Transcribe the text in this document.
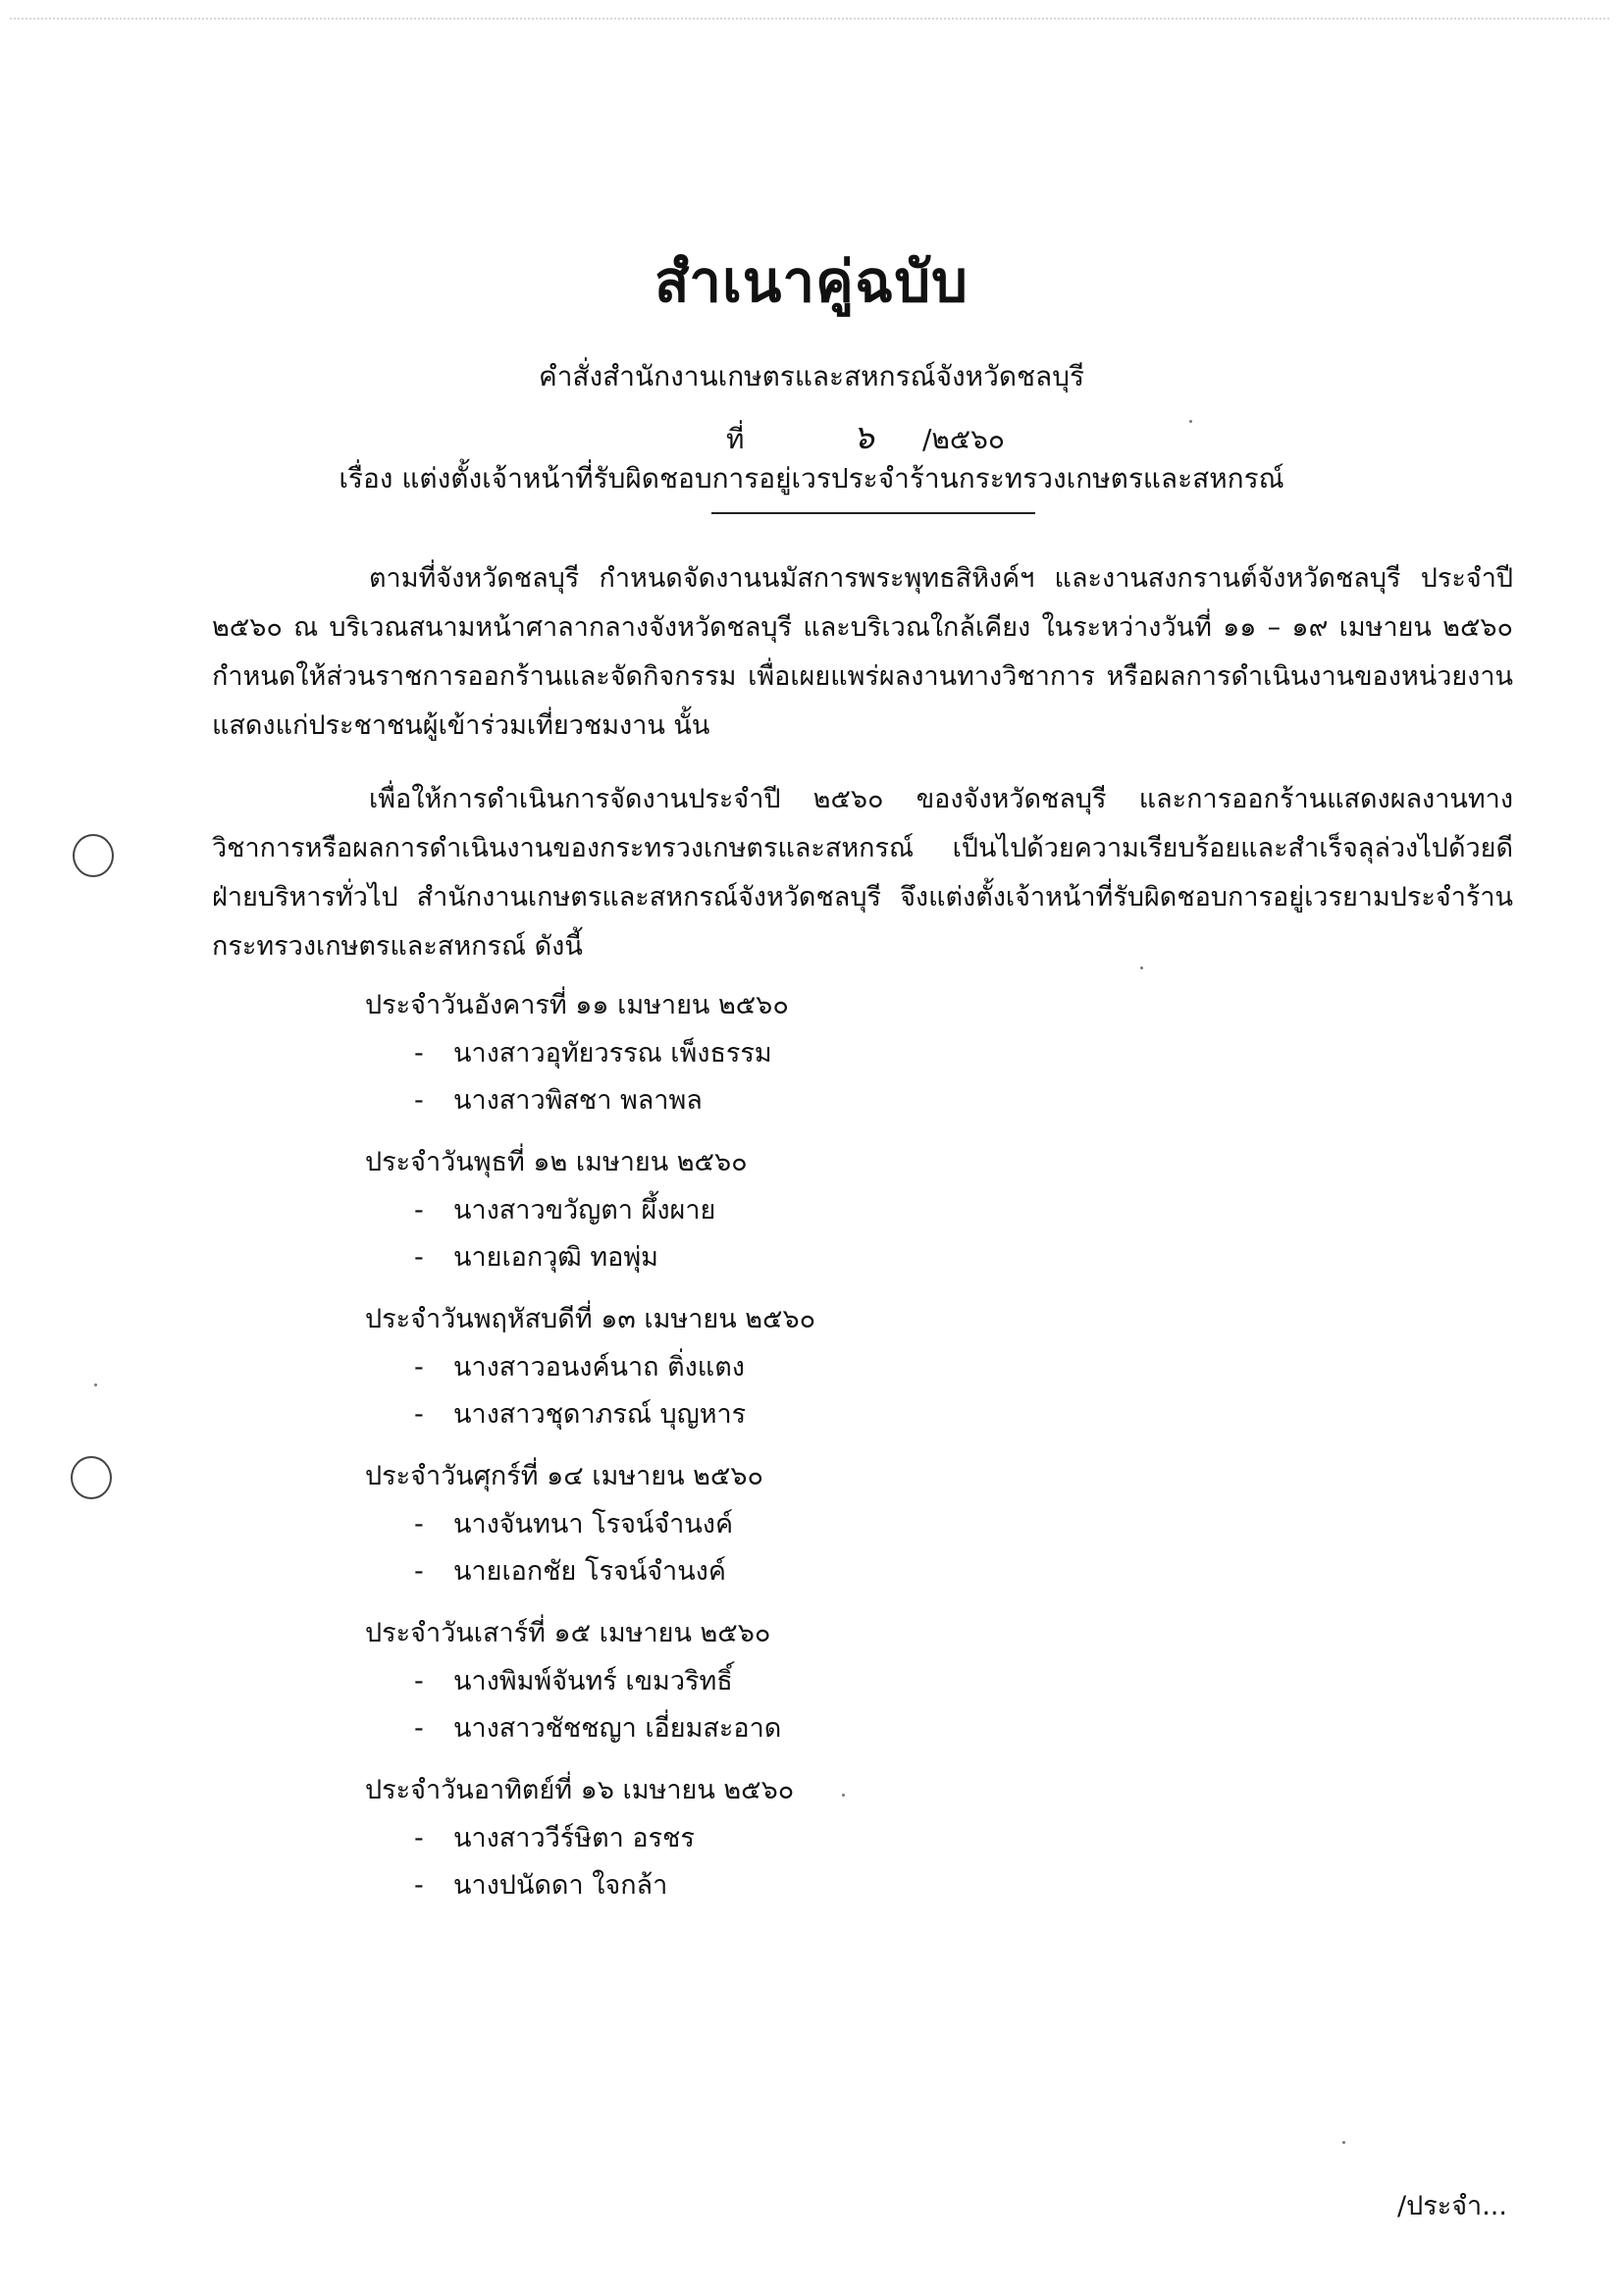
สำเนาคู่ฉบับ
คำสั่งสำนักงานเกษตรและสหกรณ์จังหวัดชลบุรี
ที่	๖ /๒๕๖๐
เรื่อง แต่งตั้งเจ้าหน้าที่รับผิดชอบการอยู่เวรประจำร้านกระทรวงเกษตรและสหกรณ์

ตามที่จังหวัดชลบุรี กำหนดจัดงานนมัสการพระพุทธสิหิงค์ฯ และงานสงกรานต์จังหวัดชลบุรี ประจำปี ๒๕๖๐ ณ บริเวณสนามหน้าศาลากลางจังหวัดชลบุรี และบริเวณใกล้เคียง ในระหว่างวันที่ ๑๑ – ๑๙ เมษายน ๒๕๖๐ กำหนดให้ส่วนราชการออกร้านและจัดกิจกรรม เพื่อเผยแพร่ผลงานทางวิชาการ หรือผลการดำเนินงานของหน่วยงานแสดงแก่ประชาชนผู้เข้าร่วมเที่ยวชมงาน นั้น

เพื่อให้การดำเนินการจัดงานประจำปี ๒๕๖๐ ของจังหวัดชลบุรี และการออกร้านแสดงผลงานทางวิชาการหรือผลการดำเนินงานของกระทรวงเกษตรและสหกรณ์ เป็นไปด้วยความเรียบร้อยและสำเร็จลุล่วงไปด้วยดี ฝ่ายบริหารทั่วไป สำนักงานเกษตรและสหกรณ์จังหวัดชลบุรี จึงแต่งตั้งเจ้าหน้าที่รับผิดชอบการอยู่เวรยามประจำร้านกระทรวงเกษตรและสหกรณ์ ดังนี้

ประจำวันอังคารที่ ๑๑ เมษายน ๒๕๖๐

- นางสาวอุทัยวรรณ เพ็งธรรม

- นางสาวพิสชา พลาพล

ประจำวันพุธที่ ๑๒ เมษายน ๒๕๖๐

- นางสาวขวัญตา ผึ้งผาย

- นายเอกวุฒิ ทอพุ่ม

ประจำวันพฤหัสบดีที่ ๑๓ เมษายน ๒๕๖๐

- นางสาวอนงค์นาถ ติ่งแตง

- นางสาวชุดาภรณ์ บุญหาร

ประจำวันศุกร์ที่ ๑๔ เมษายน ๒๕๖๐

- นางจันทนา โรจน์จำนงค์

- นายเอกชัย โรจน์จำนงค์

ประจำวันเสาร์ที่ ๑๕ เมษายน ๒๕๖๐

- นางพิมพ์จันทร์ เขมวริทธิ์

- นางสาวชัชชญา เอี่ยมสะอาด

ประจำวันอาทิตย์ที่ ๑๖ เมษายน ๒๕๖๐

- นางสาววีร์ษิตา อรชร

- นางปนัดดา ใจกล้า

/ประจำ...
